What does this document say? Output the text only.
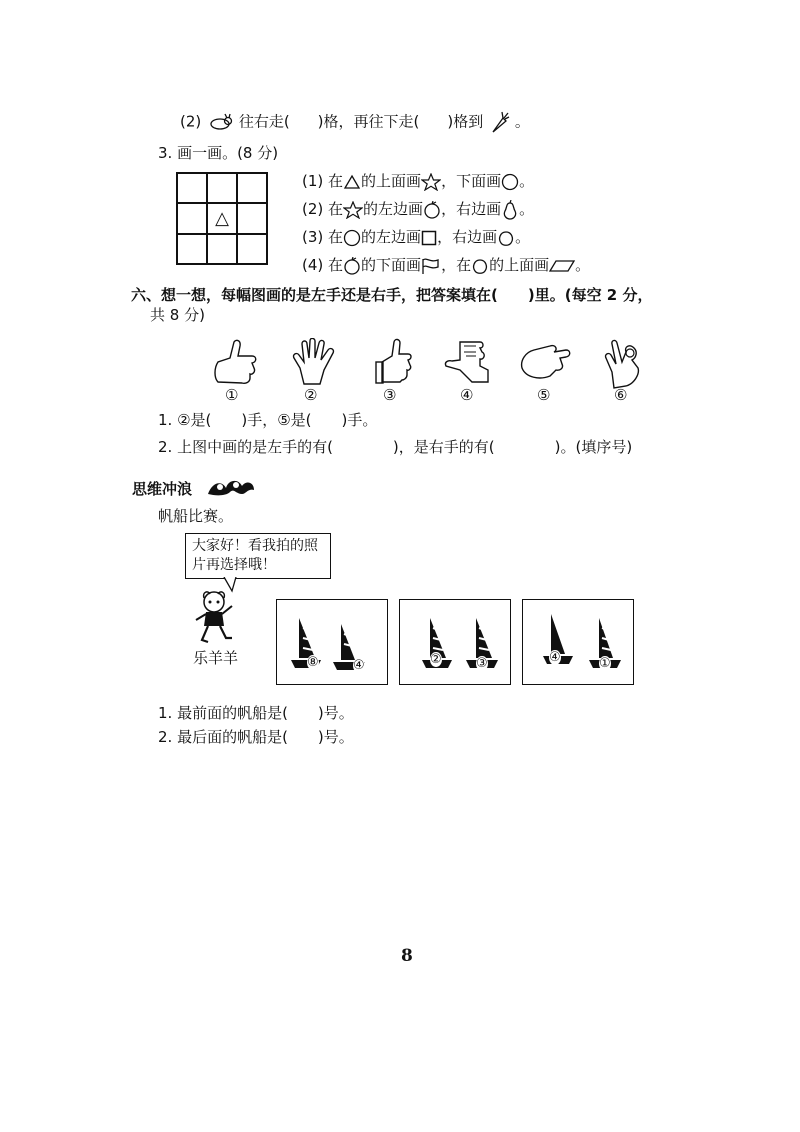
(2)	往右走( )格，再往下走( )格到 。
3. 画一画。(8 分)
△
(1) 在 的上面画 ，下面画 。
(2) 在 的左边画 ，右边画 。
(3) 在 的左边画 ，右边画 。
(4) 在 的下面画 ，在 的上面画 。
六、想一想，每幅图画的是左手还是右手，把答案填在(　　)里。(每空 2 分，
共 8 分)
①	②	③	④	⑤	⑥
1. ②是(　　)手，⑤是(　　)手。
2. 上图中画的是左手的有(　　　　)，是右手的有(　　　　)。(填序号)
思维冲浪
帆船比赛。
大家好！看我拍的照片再选择哦！
乐羊羊	⑧	④	②	③	④	①
1. 最前面的帆船是(　　)号。
2. 最后面的帆船是(　　)号。
8
